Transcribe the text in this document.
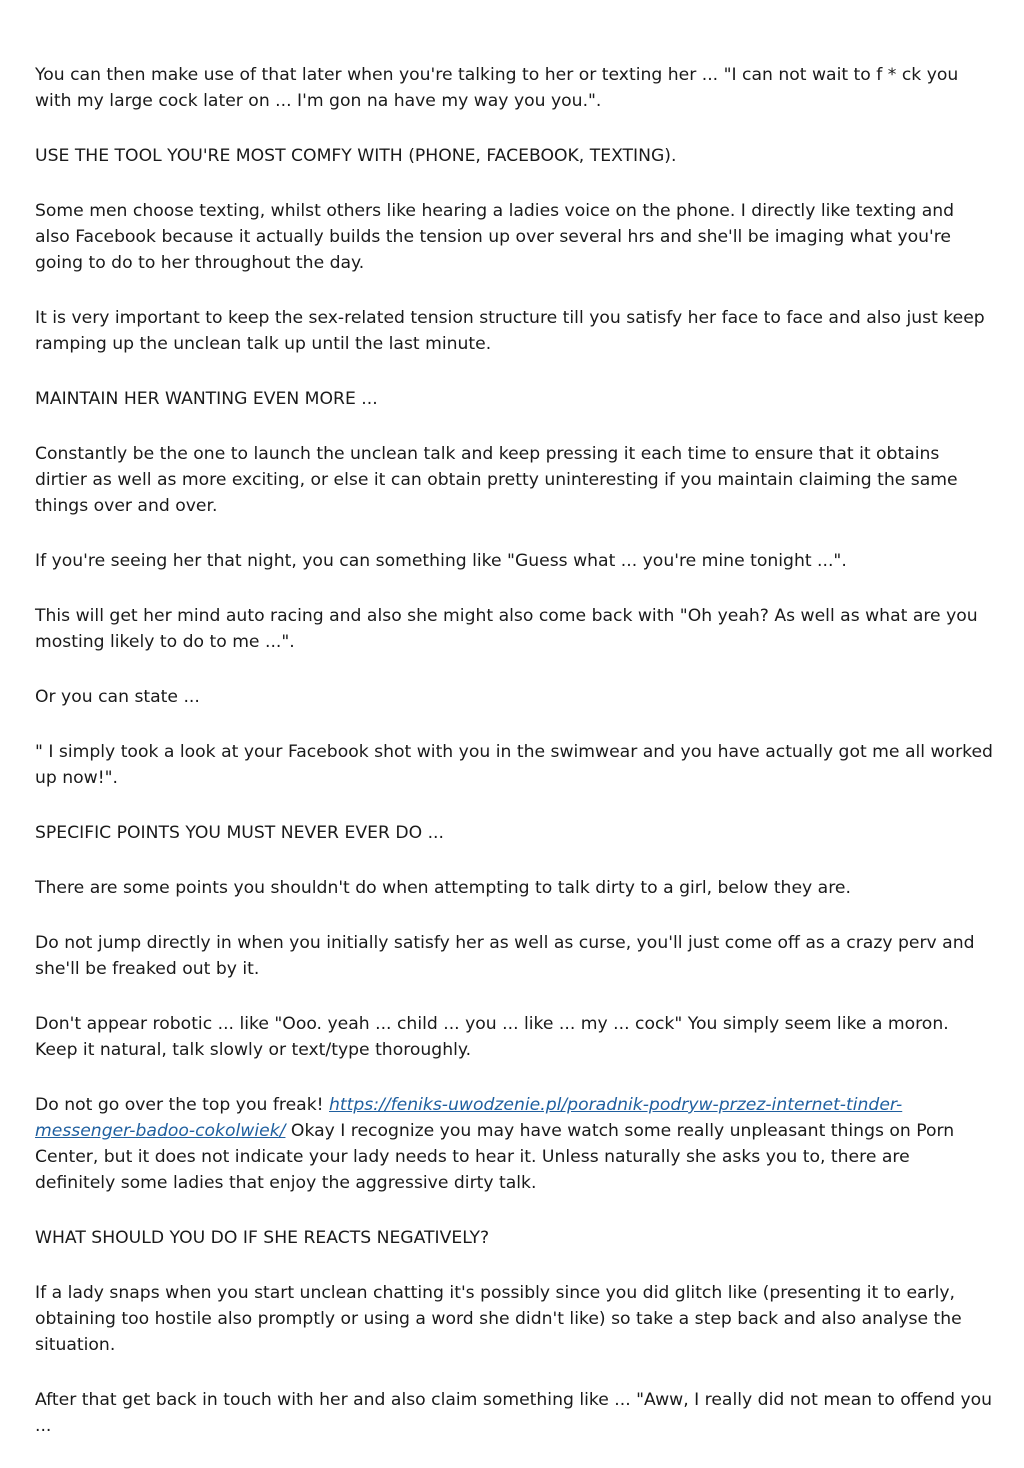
You can then make use of that later when you're talking to her or texting her ... "I can not wait to f * ck you with my large cock later on ... I'm gon na have my way you you.".

USE THE TOOL YOU'RE MOST COMFY WITH (PHONE, FACEBOOK, TEXTING).

Some men choose texting, whilst others like hearing a ladies voice on the phone. I directly like texting and also Facebook because it actually builds the tension up over several hrs and she'll be imaging what you're going to do to her throughout the day.

It is very important to keep the sex-related tension structure till you satisfy her face to face and also just keep ramping up the unclean talk up until the last minute.

MAINTAIN HER WANTING EVEN MORE ...

Constantly be the one to launch the unclean talk and keep pressing it each time to ensure that it obtains dirtier as well as more exciting, or else it can obtain pretty uninteresting if you maintain claiming the same things over and over.

If you're seeing her that night, you can something like "Guess what ... you're mine tonight ...".

This will get her mind auto racing and also she might also come back with "Oh yeah? As well as what are you mosting likely to do to me ...".

Or you can state ...

" I simply took a look at your Facebook shot with you in the swimwear and you have actually got me all worked up now!".

SPECIFIC POINTS YOU MUST NEVER EVER DO ...

There are some points you shouldn't do when attempting to talk dirty to a girl, below they are.

Do not jump directly in when you initially satisfy her as well as curse, you'll just come off as a crazy perv and she'll be freaked out by it.

Don't appear robotic ... like "Ooo. yeah ... child ... you ... like ... my ... cock" You simply seem like a moron. Keep it natural, talk slowly or text/type thoroughly.

Do not go over the top you freak! https://feniks-uwodzenie.pl/poradnik-podryw-przez-internet-tinder-messenger-badoo-cokolwiek/ Okay I recognize you may have watch some really unpleasant things on Porn Center, but it does not indicate your lady needs to hear it. Unless naturally she asks you to, there are definitely some ladies that enjoy the aggressive dirty talk.

WHAT SHOULD YOU DO IF SHE REACTS NEGATIVELY?

If a lady snaps when you start unclean chatting it's possibly since you did glitch like (presenting it to early, obtaining too hostile also promptly or using a word she didn't like) so take a step back and also analyse the situation.

After that get back in touch with her and also claim something like ... "Aww, I really did not mean to offend you ...
